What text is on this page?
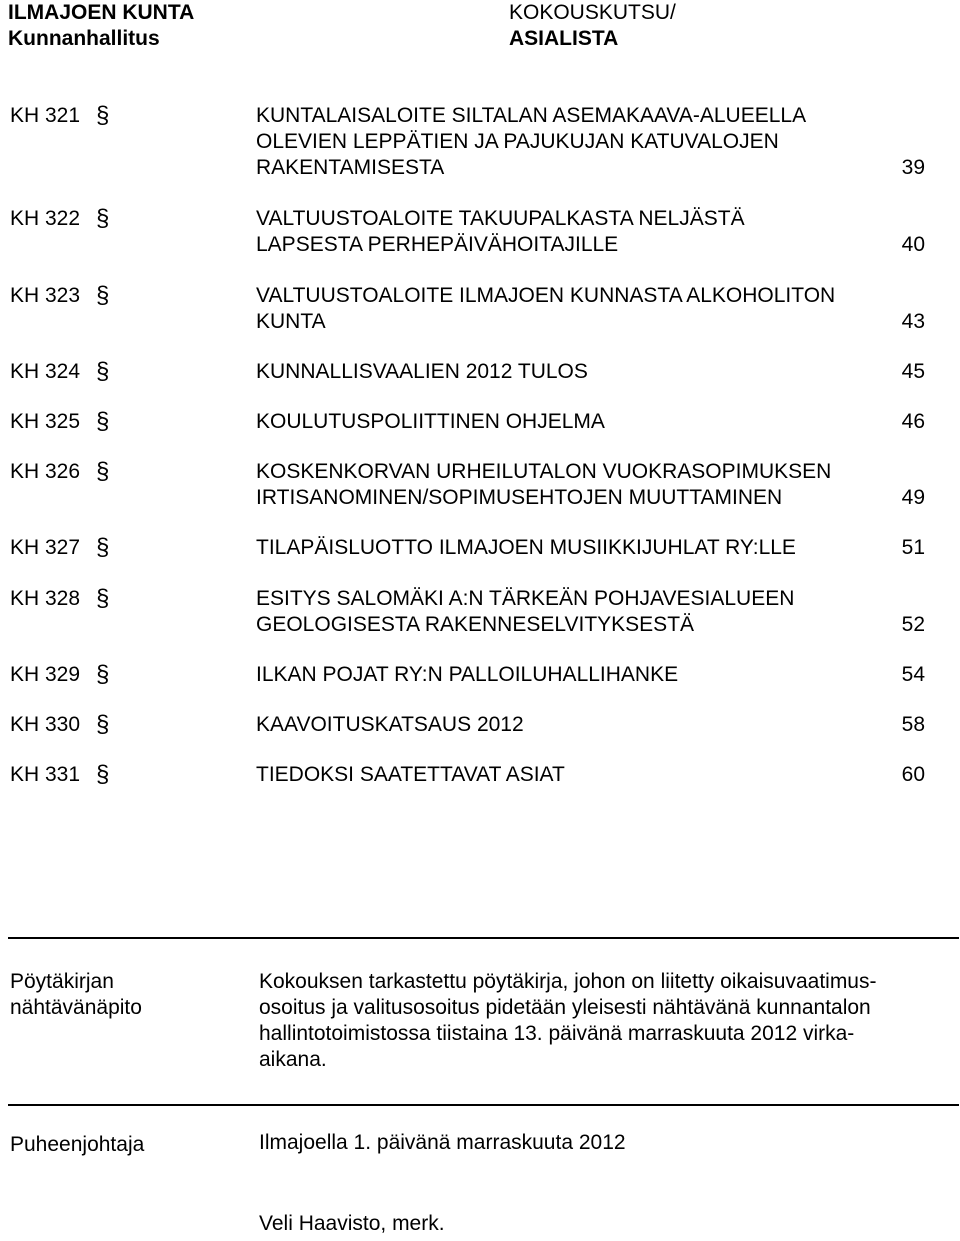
ILMAJOEN KUNTA
Kunnanhallitus
KOKOUSKUTSU/
ASIALISTA
KH 321 §	KUNTALAISALOITE SILTALAN ASEMAKAAVA-ALUEELLA
OLEVIEN LEPPÄTIEN JA PAJUKUJAN KATUVALOJEN
RAKENTAMISESTA	39
KH 322 §	VALTUUSTOALOITE TAKUUPALKASTA NELJÄSTÄ
LAPSESTA PERHEPÄIVÄHOITAJILLE	40
KH 323 §	VALTUUSTOALOITE ILMAJOEN KUNNASTA ALKOHOLITON
KUNTA	43
KH 324 §	KUNNALLISVAALIEN 2012 TULOS	45
KH 325 §	KOULUTUSPOLIITTINEN OHJELMA	46
KH 326 §	KOSKENKORVAN URHEILUTALON VUOKRASOPIMUKSEN
IRTISANOMINEN/SOPIMUSEHTOJEN MUUTTAMINEN	49
KH 327 §	TILAPÄISLUOTTO ILMAJOEN MUSIIKKIJUHLAT RY:LLE	51
KH 328 §	ESITYS SALOMÄKI A:N TÄRKEÄN POHJAVESIALUEEN
GEOLOGISESTA RAKENNESELVITYKSESTÄ	52
KH 329 §	ILKAN POJAT RY:N PALLOILUHALLIHANKE	54
KH 330 §	KAAVOITUSKATSAUS 2012	58
KH 331 §	TIEDOKSI SAATETTAVAT ASIAT	60
Pöytäkirjan
nähtävänäpito
Kokouksen tarkastettu pöytäkirja, johon on liitetty oikaisuvaatimus-
osoitus ja valitusosoitus pidetään yleisesti nähtävänä kunnantalon
hallintotoimistossa tiistaina 13. päivänä marraskuuta 2012 virka-
aikana.
Puheenjohtaja	Ilmajoella 1. päivänä marraskuuta 2012
Veli Haavisto, merk.
